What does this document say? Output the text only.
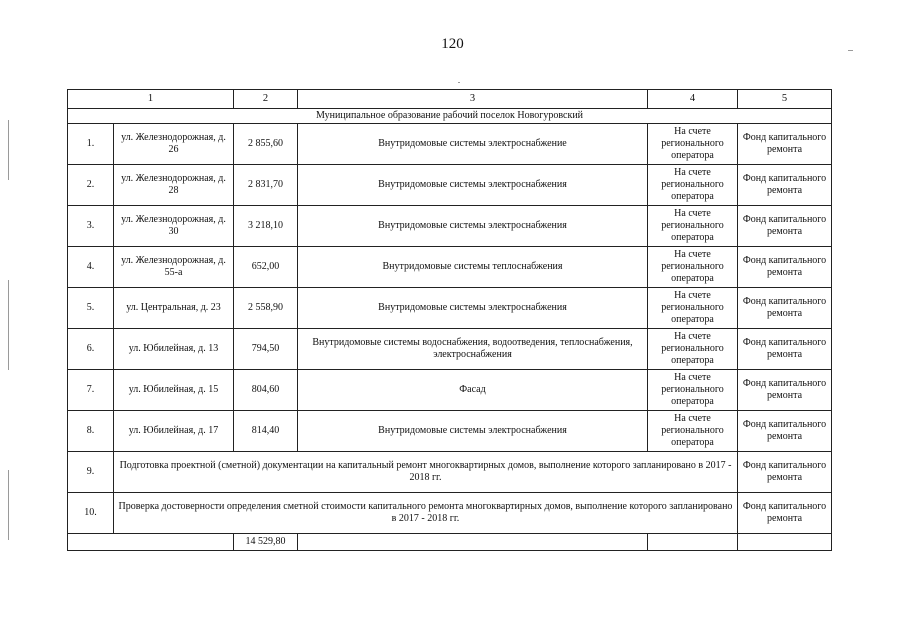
120
1		2	3	4	5
Муниципальное образование рабочий поселок Новогуровский					
1.	ул. Железнодорожная, д. 26	2 855,60	Внутридомовые системы электроснабжение	На счете регионального оператора	Фонд капитального ремонта
2.	ул. Железнодорожная, д. 28	2 831,70	Внутридомовые системы электроснабжения	На счете регионального оператора	Фонд капитального ремонта
3.	ул. Железнодорожная, д. 30	3 218,10	Внутридомовые системы электроснабжения	На счете регионального оператора	Фонд капитального ремонта
4.	ул. Железнодорожная, д. 55-а	652,00	Внутридомовые системы теплоснабжения	На счете регионального оператора	Фонд капитального ремонта
5.	ул. Центральная, д. 23	2 558,90	Внутридомовые системы электроснабжения	На счете регионального оператора	Фонд капитального ремонта
6.	ул. Юбилейная, д. 13	794,50	Внутридомовые системы водоснабжения, водоотведения, теплоснабжения, электроснабжения	На счете регионального оператора	Фонд капитального ремонта
7.	ул. Юбилейная, д. 15	804,60	Фасад	На счете регионального оператора	Фонд капитального ремонта
8.	ул. Юбилейная, д. 17	814,40	Внутридомовые системы электроснабжения	На счете регионального оператора	Фонд капитального ремонта
9.	Подготовка проектной (сметной) документации на капитальный ремонт многоквартирных домов, выполнение которого запланировано в 2017 - 2018 гг.				Фонд капитального ремонта
10.	Проверка достоверности определения сметной стоимости капитального ремонта многоквартирных домов, выполнение которого запланировано в 2017 - 2018 гг.				Фонд капитального ремонта
		14 529,80			
